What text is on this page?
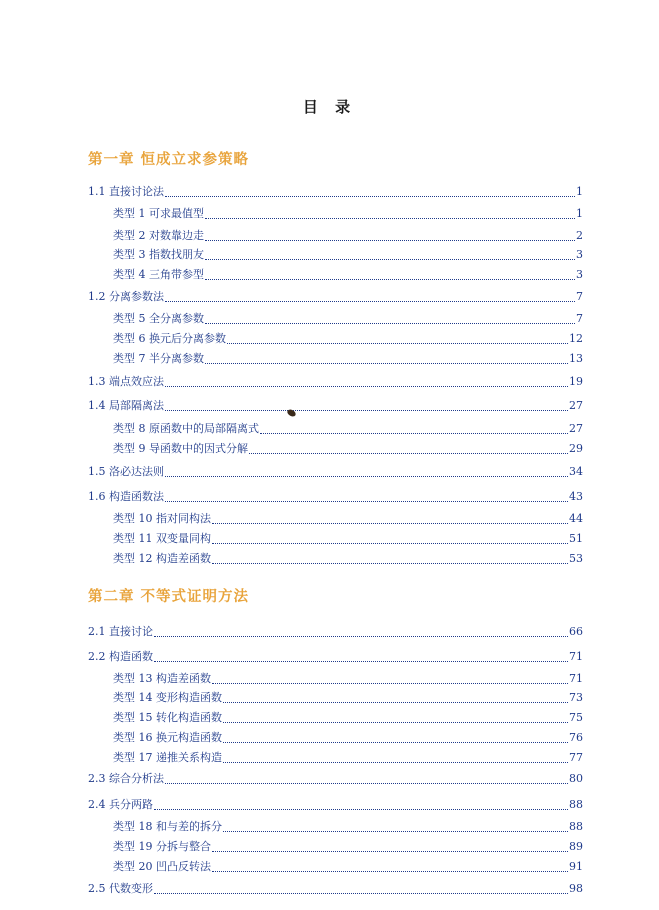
目 录
第一章 恒成立求参策略
1.1 直接讨论法	1
类型 1 可求最值型	1
类型 2 对数靠边走	2
类型 3 指数找朋友	3
类型 4 三角带参型	3
1.2 分离参数法	7
类型 5 全分离参数	7
类型 6 换元后分离参数	12
类型 7 半分离参数	13
1.3 端点效应法	19
1.4 局部隔离法	27
类型 8 原函数中的局部隔离式	27
类型 9 导函数中的因式分解	29
1.5 洛必达法则	34
1.6 构造函数法	43
类型 10 指对同构法	44
类型 11 双变量同构	51
类型 12 构造差函数	53
第二章 不等式证明方法
2.1 直接讨论	66
2.2 构造函数	71
类型 13 构造差函数	71
类型 14 变形构造函数	73
类型 15 转化构造函数	75
类型 16 换元构造函数	76
类型 17 递推关系构造	77
2.3 综合分析法	80
2.4 兵分两路	88
类型 18 和与差的拆分	88
类型 19 分拆与整合	89
类型 20 凹凸反转法	91
2.5 代数变形	98
